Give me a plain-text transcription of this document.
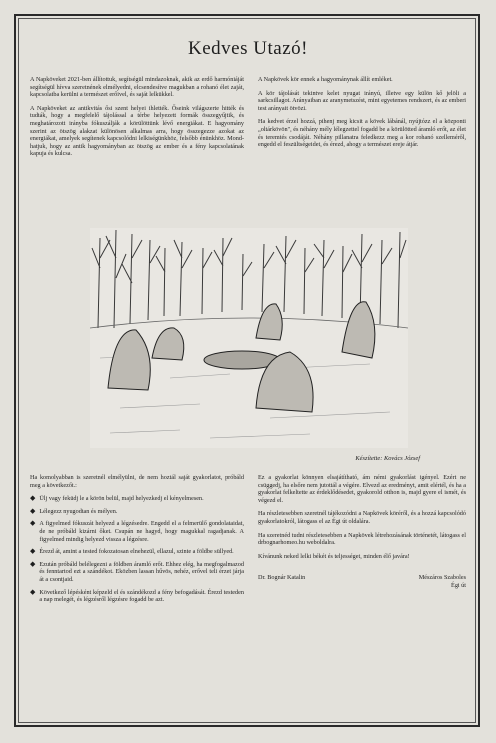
Kedves Utazó!

A Napköveket 2021-ben állítottuk, segítségül mindazoknak, akik az erdő harmóniáját segítségül hívva szeretnének elmélyedni, elcsendesítve magukban a rohanó élet zaját, kapcsolatba kerülni a természet erőivel, és saját lelkükkel.

A Napköveket az antikvitás ősi szent helyei ihlették. Őseink világszerte hitték és tudták, hogy a megfelelő tájolással a térbe helyezett formák összegyűjtik, és meghatározott irányba fókuszálják a körülöttünk lévő energiákat. E hagyomány szerint az ötszög alakzat különösen alkalmas arra, hogy összegezze azokat az energiákat, amelyek segítenek kapcsolódni lelkiségünkhöz, felsőbb énünkhöz. Mondhatjuk, hogy az antik hagyományban az ötszög az ember és a fény kapcsolatának kapuja és kulcsa.

A Napkövek kör ennek a hagyománynak állít emléket.

A kör tájolását tekintve kelet nyugat irányú, illetve egy külön kő jelöli a sarkcsillagot. Arányaiban az aranymetszést, mint egyetemes rendszert, és az emberi test arányait ötvözi.

Ha kedvet érzel hozzá, pihenj meg kicsit a kövek lábánál, nyújtózz el a központi „oltárkövön", és néhány mély lélegzettel fogadd be a körülötted áramló erőt, az élet és teremtés csodáját. Néhány pillanatra feledkezz meg a kor rohanó szelleméről, engedd el feszültségeidet, és érezd, ahogy a természet ereje átjár.

Készítette: Kovács József

Ha komolyabban is szeretnél elmélyülni, de nem hoztál saját gyakorlatot, próbáld meg a következőt.:

◆ Ülj vagy feküdj le a körön belül, majd helyezkedj el kényelmesen.
◆ Lélegezz nyugodtan és mélyen.
◆ A figyelmed fókuszát helyezd a légzésedre. Engedd el a felmerülő gondolataidat, de ne próbáld kizárni őket. Csupán ne hagyd, hogy magukkal ragadjanak. A figyelmed mindig helyezd vissza a légzésre.
◆ Érezd át, amint a tested fokozatosan elnehezül, ellazul, szinte a földbe süllyed.
◆ Ezután próbáld belélegezni a földben áramló erőt. Ehhez elég, ha megfogalmazod és fenntartod ezt a szándékot. Eközben lassan hűvös, nehéz, erővel teli érzet járja át a csontjaid.
◆ Következő lépésként képzeld el és szándékozd a fény befogadását. Érezd testeden a nap melegét, és légzésről légzésre fogadd be azt.

Ez a gyakorlat könnyen elsajátítható, ám némi gyakorlást igényel. Ezért ne csüggedj, ha elsőre nem jutottál a végére. Elvezd az eredményt, amit elértél, és ha a gyakorlat felkeltette az érdeklődésedet, gyakorold otthon is, majd gyere el ismét, és végezd el.

Ha részletesebben szeretnél tájékozódni a Napkövek köréről, és a hozzá kapcsolódó gyakorlatokról, látogass el az Égi út oldalára.

Ha szeretnéd tudni részletesebben a Napkövek létrehozásának történetét, látogass el drbognarhomeo.hu weboldalra.

Kívánunk neked lelki békét és teljességet, minden élő javára!

Dr. Bognár Katalin	Mészáros Szaboles
Égi út
